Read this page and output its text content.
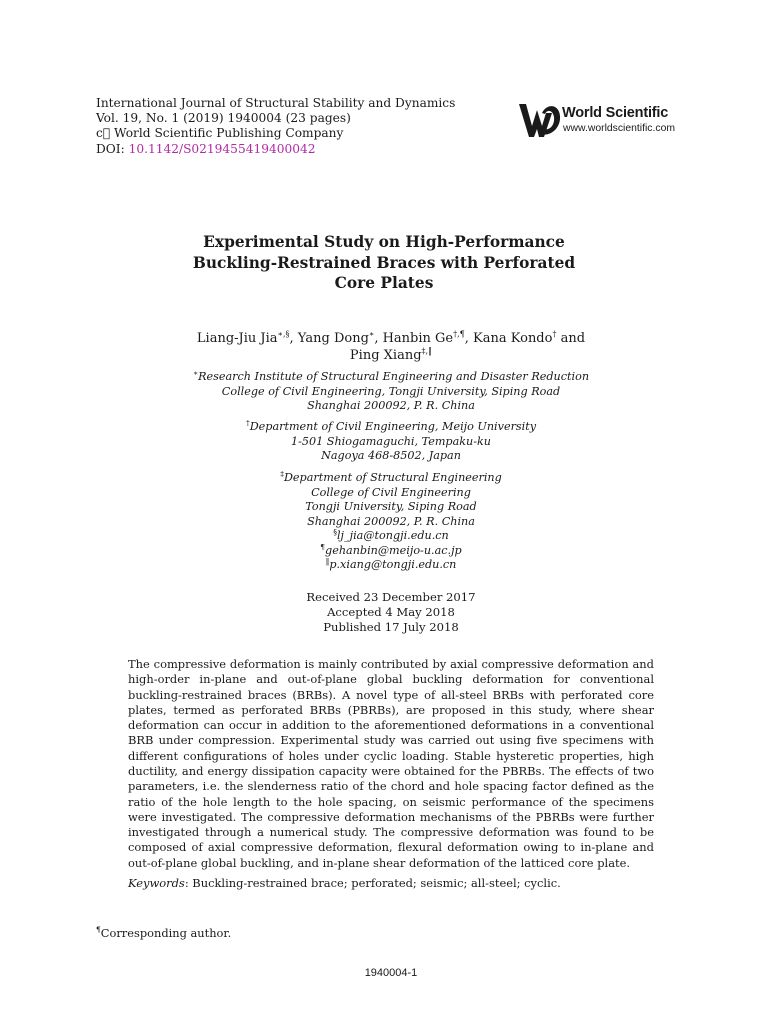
International Journal of Structural Stability and Dynamics
Vol. 19, No. 1 (2019) 1940004 (23 pages)
c⃝ World Scientific Publishing Company
DOI: 10.1142/S0219455419400042
World Scientific
www.worldscientific.com
Experimental Study on High-Performance
Buckling-Restrained Braces with Perforated
Core Plates
Liang-Jiu Jia∗,§, Yang Dong∗, Hanbin Ge†,¶, Kana Kondo† and
Ping Xiang‡,‖
∗Research Institute of Structural Engineering and Disaster Reduction
College of Civil Engineering, Tongji University, Siping Road
Shanghai 200092, P. R. China
†Department of Civil Engineering, Meijo University
1-501 Shiogamaguchi, Tempaku-ku
Nagoya 468-8502, Japan
‡Department of Structural Engineering
College of Civil Engineering
Tongji University, Siping Road
Shanghai 200092, P. R. China
§lj_jia@tongji.edu.cn
¶gehanbin@meijo-u.ac.jp
‖p.xiang@tongji.edu.cn
Received 23 December 2017
Accepted 4 May 2018
Published 17 July 2018
The compressive deformation is mainly contributed by axial compressive deformation and high-order in-plane and out-of-plane global buckling deformation for conventional buckling-restrained braces (BRBs). A novel type of all-steel BRBs with perforated core plates, termed as perforated BRBs (PBRBs), are proposed in this study, where shear deformation can occur in addition to the aforementioned deformations in a conventional BRB under compression. Experimental study was carried out using five specimens with different configurations of holes under cyclic loading. Stable hysteretic properties, high ductility, and energy dissipation capacity were obtained for the PBRBs. The effects of two parameters, i.e. the slenderness ratio of the chord and hole spacing factor defined as the ratio of the hole length to the hole spacing, on seismic performance of the specimens were investigated. The compressive deformation mechanisms of the PBRBs were further investigated through a numerical study. The compressive deformation was found to be composed of axial compressive deformation, flexural deformation owing to in-plane and out-of-plane global buckling, and in-plane shear deformation of the latticed core plate.
Keywords: Buckling-restrained brace; perforated; seismic; all-steel; cyclic.
¶Corresponding author.
1940004-1
